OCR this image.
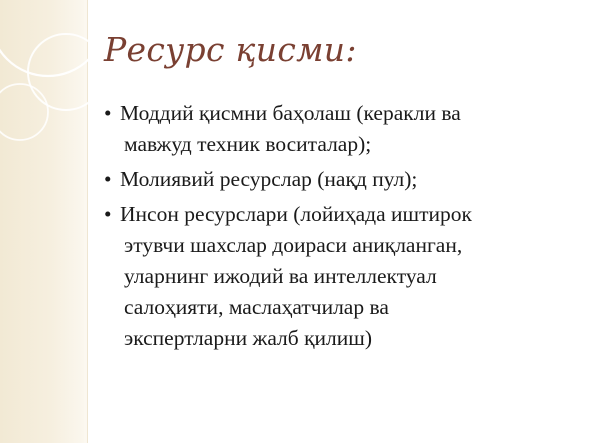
Ресурс қисми:
• Моддий қисмни баҳолаш (керакли ва
мавжуд техник воситалар);
• Молиявий ресурслар (нақд пул);
• Инсон ресурслари (лойиҳада иштирок
этувчи шахслар доираси аниқланган,
уларнинг ижодий ва интеллектуал
салоҳияти, маслаҳатчилар ва
экспертларни жалб қилиш)
